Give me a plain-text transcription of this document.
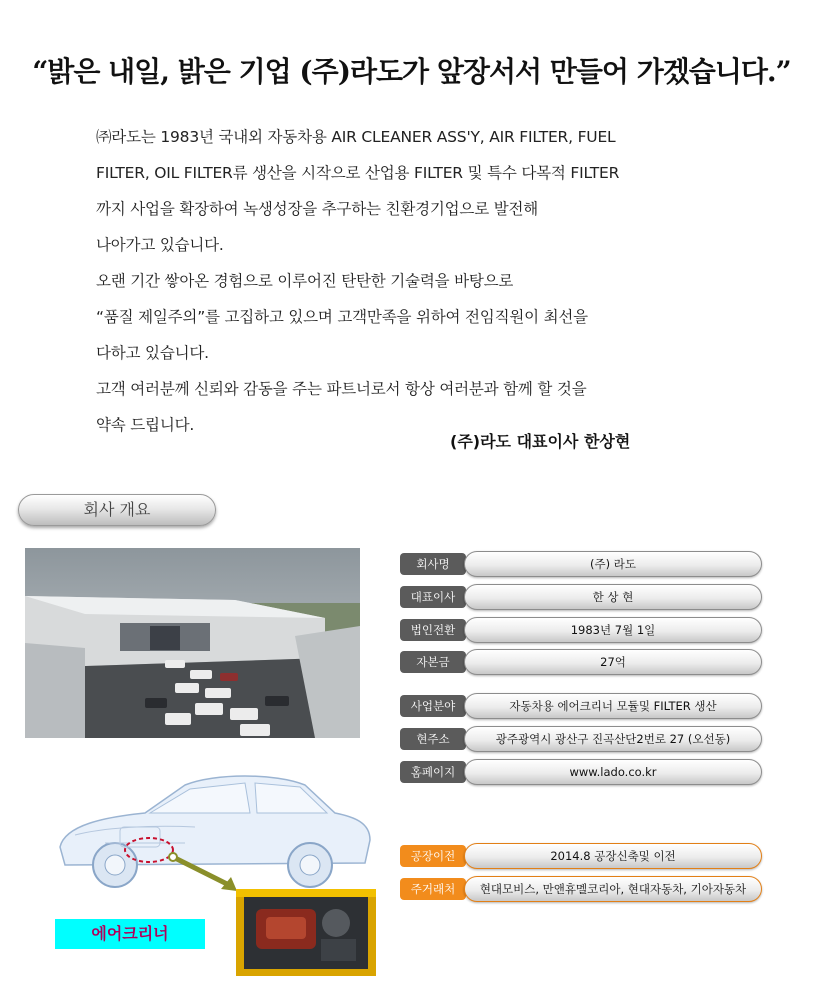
“밝은 내일, 밝은 기업 (주)라도가 앞장서서 만들어 가겠습니다.”

㈜라도는 1983년 국내외 자동차용 AIR CLEANER ASS'Y, AIR FILTER, FUEL

FILTER, OIL FILTER류 생산을 시작으로 산업용 FILTER 및 특수 다목적 FILTER

까지 사업을 확장하여 녹생성장을 추구하는 친환경기업으로 발전해

나아가고 있습니다.

오랜 기간 쌓아온 경험으로 이루어진 탄탄한 기술력을 바탕으로

“품질 제일주의”를 고집하고 있으며 고객만족을 위하여 전임직원이 최선을

다하고 있습니다.

고객 여러분께 신뢰와 감동을 주는 파트너로서 항상 여러분과 함께 할 것을

약속 드립니다.

(주)라도 대표이사 한상현
회사 개요
에어크리너
회사명	(주) 라도
대표이사	한 상 현
법인전환	1983년 7월 1일
자본금	27억
사업분야	자동차용 에어크리너 모듈및 FILTER 생산
현주소	광주광역시 광산구 진곡산단2번로 27 (오선동)
홈페이지	www.lado.co.kr
공장이전	2014.8 공장신축및 이전
주거래처	현대모비스, 만앤휴멜코리아, 현대자동차, 기아자동차
